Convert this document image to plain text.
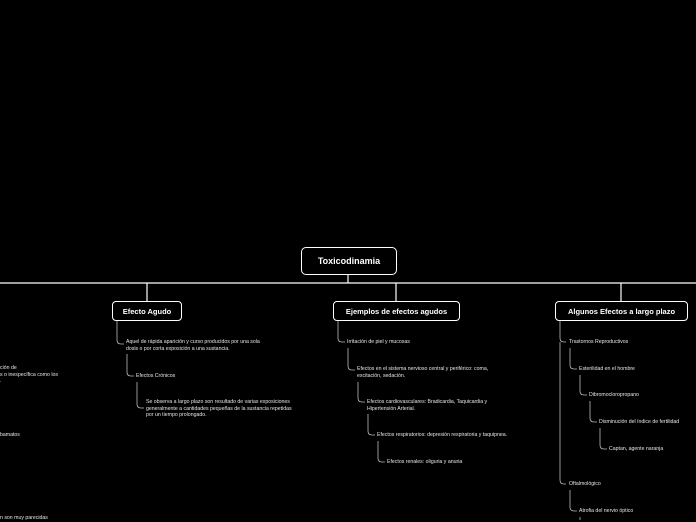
Toxicodinamia
Efecto Agudo	Ejemplos de efectos agudos	Algunos Efectos a largo plazo
Aquel de rápida aparición y curso producidos por una sola
dosis o por corta exposición a una sustancia.
Efectos Crónicos
Se observa a largo plazo son resultado de varias exposiciones
generalmente a cantidades pequeñas de la sustancia repetidas
por un tiempo prolongado.
Irritación de piel y mucosas
Efectos en el sistema nervioso central y periférico: coma,
excitación, sedación.
Efectos cardiovasculares: Bradicardia, Taquicardia y
Hipertensión Arterial.
Efectos respiratorios: depresión respiratoria y taquipnea.
Efectos renales: oliguria y anuria
Trastornos Reproductivos
Esterilidad en el hombre
Dibromocloropropano
Disminución del índice de fertilidad
Captan, agente naranja
Oftalmológico
Atrofia del nervio óptico
ción de
s o inespecífica como los
.
bamatos
n son muy parecidas
